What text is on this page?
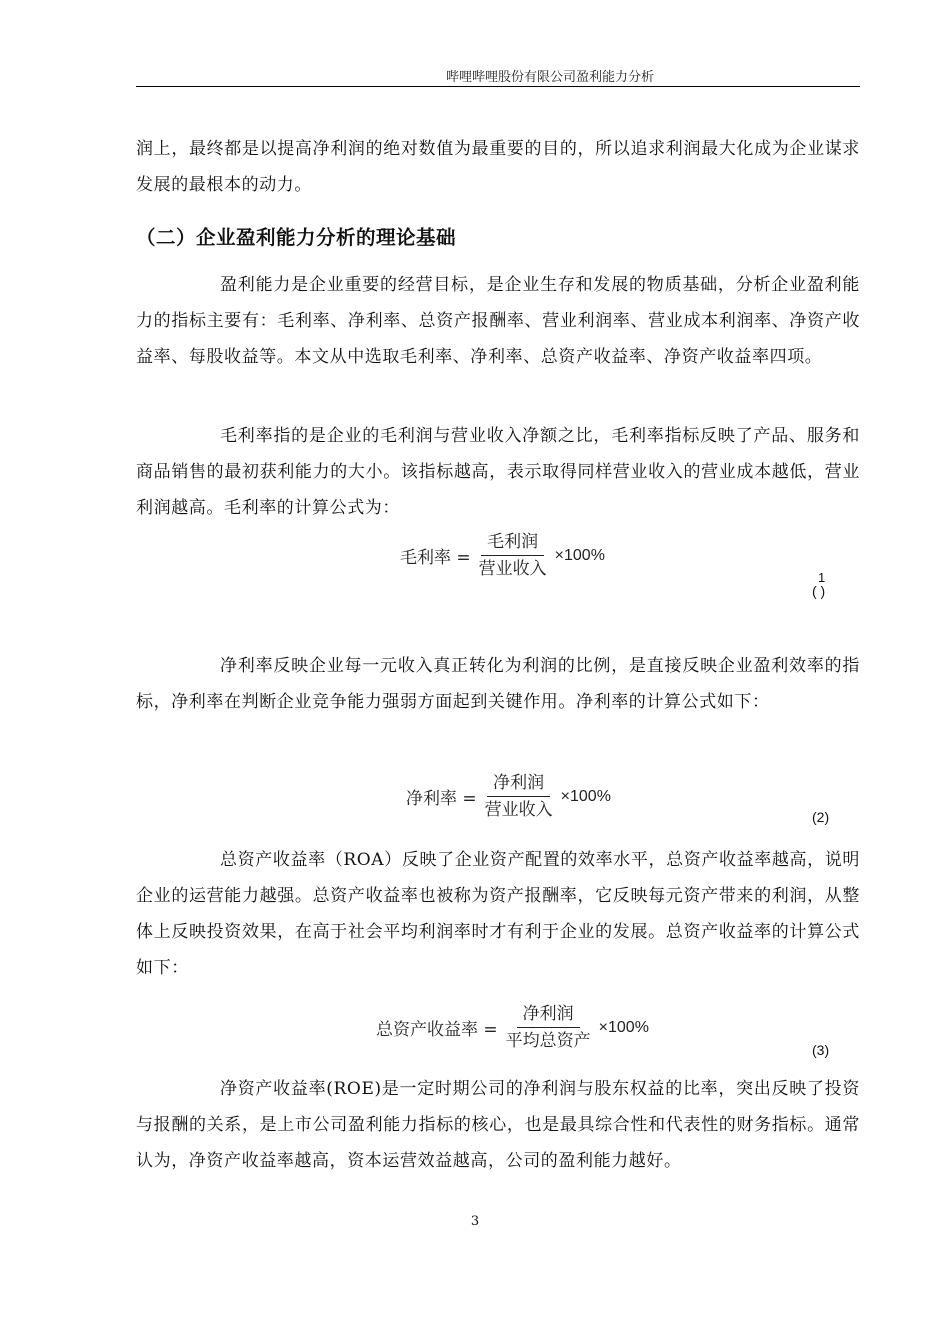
哔哩哔哩股份有限公司盈利能力分析

润上，最终都是以提高净利润的绝对数值为最重要的目的，所以追求利润最大化成为企业谋求发展的最根本的动力。

（二）企业盈利能力分析的理论基础

盈利能力是企业重要的经营目标，是企业生存和发展的物质基础，分析企业盈利能力的指标主要有：毛利率、净利率、总资产报酬率、营业利润率、营业成本利润率、净资产收益率、每股收益等。本文从中选取毛利率、净利率、总资产收益率、净资产收益率四项。

毛利率指的是企业的毛利润与营业收入净额之比，毛利率指标反映了产品、服务和商品销售的最初获利能力的大小。该指标越高，表示取得同样营业收入的营业成本越低，营业利润越高。毛利率的计算公式为：

毛利率 = $\frac{\text{毛利润}}{\text{营业收入}} \times 100\%$
1
( )

净利率反映企业每一元收入真正转化为利润的比例，是直接反映企业盈利效率的指标，净利率在判断企业竞争能力强弱方面起到关键作用。净利率的计算公式如下：

净利率 = $\frac{\text{净利润}}{\text{营业收入}} \times 100\%$
(2)

总资产收益率（ROA）反映了企业资产配置的效率水平，总资产收益率越高，说明企业的运营能力越强。总资产收益率也被称为资产报酬率，它反映每元资产带来的利润，从整体上反映投资效果，在高于社会平均利润率时才有利于企业的发展。总资产收益率的计算公式如下：

总资产收益率 = $\frac{\text{净利润}}{\text{平均总资产}} \times 100\%$
(3)

净资产收益率(ROE)是一定时期公司的净利润与股东权益的比率，突出反映了投资与报酬的关系，是上市公司盈利能力指标的核心，也是最具综合性和代表性的财务指标。通常认为，净资产收益率越高，资本运营效益越高，公司的盈利能力越好。

3
